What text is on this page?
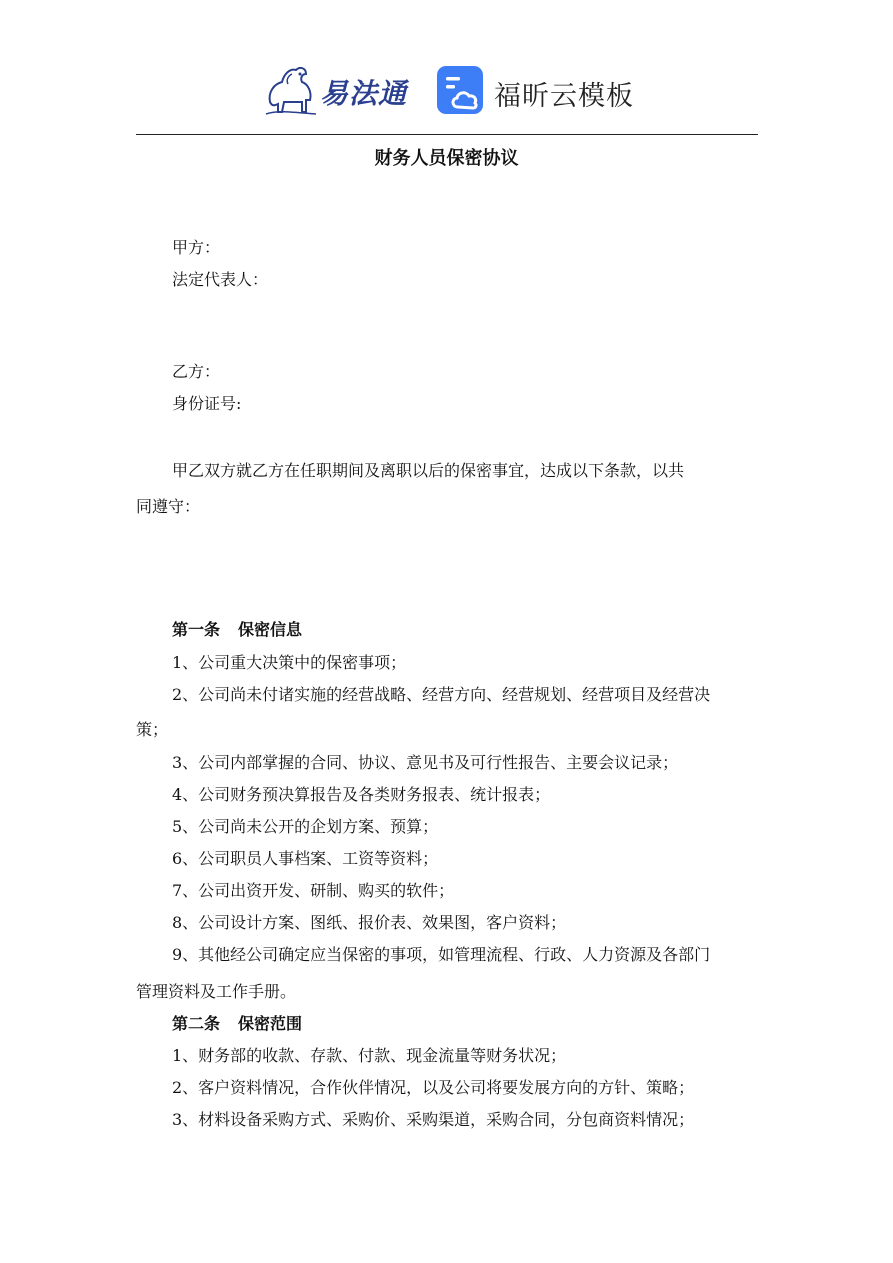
易法通	福昕云模板
财务人员保密协议
甲方：
法定代表人：
乙方：
身份证号:
甲乙双方就乙方在任职期间及离职以后的保密事宜，达成以下条款，以共
同遵守：
第一条 保密信息
1、公司重大决策中的保密事项；
2、公司尚未付诸实施的经营战略、经营方向、经营规划、经营项目及经营决
策；
3、公司内部掌握的合同、协议、意见书及可行性报告、主要会议记录；
4、公司财务预决算报告及各类财务报表、统计报表；
5、公司尚未公开的企划方案、预算；
6、公司职员人事档案、工资等资料；
7、公司出资开发、研制、购买的软件；
8、公司设计方案、图纸、报价表、效果图，客户资料；
9、其他经公司确定应当保密的事项，如管理流程、行政、人力资源及各部门
管理资料及工作手册。
第二条 保密范围
1、财务部的收款、存款、付款、现金流量等财务状况；
2、客户资料情况，合作伙伴情况，以及公司将要发展方向的方针、策略；
3、材料设备采购方式、采购价、采购渠道，采购合同，分包商资料情况；
